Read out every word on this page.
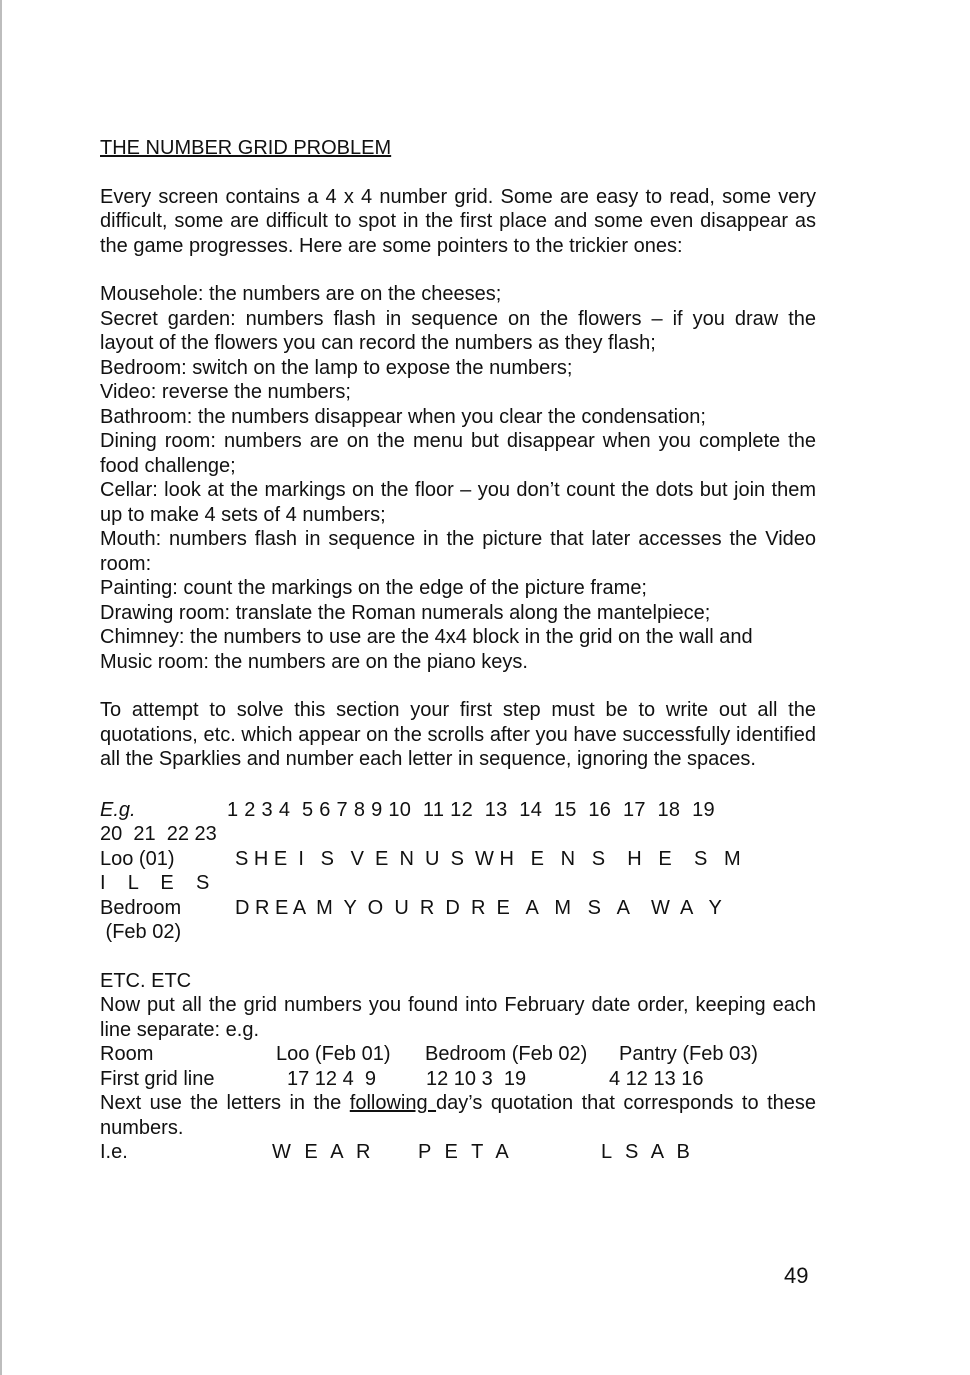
THE NUMBER GRID PROBLEM

Every screen contains a 4 x 4 number grid. Some are easy to read, some very difficult, some are difficult to spot in the first place and some even disappear as the game progresses. Here are some pointers to the trickier ones:

Mousehole: the numbers are on the cheeses;

Secret garden: numbers flash in sequence on the flowers – if you draw the layout of the flowers you can record the numbers as they flash;

Bedroom: switch on the lamp to expose the numbers;

Video: reverse the numbers;

Bathroom: the numbers disappear when you clear the condensation;

Dining room: numbers are on the menu but disappear when you complete the food challenge;

Cellar: look at the markings on the floor – you don’t count the dots but join them up to make 4 sets of 4 numbers;

Mouth: numbers flash in sequence in the picture that later accesses the Video room:

Painting: count the markings on the edge of the picture frame;

Drawing room: translate the Roman numerals along the mantelpiece;

Chimney: the numbers to use are the 4x4 block in the grid on the wall and

Music room: the numbers are on the piano keys.

To attempt to solve this section your first step must be to write out all the quotations, etc. which appear on the scrolls after you have successfully identified all the Sparklies and number each letter in sequence, ignoring the spaces.

E.g.	1 2 3 4  5 6 7 8 9 10  11 12  13  14  15  16  17  18  19
20  21  22 23
Loo (01)	S H E  I   S   V  E  N  U  S  W H   E   N   S    H   E    S   M
I    L    E    S
Bedroom	D R E A  M  Y  O  U  R  D  R  E   A   M   S   A    W  A   Y
(Feb 02)

ETC. ETC

Now put all the grid numbers you found into February date order, keeping each line separate: e.g.

Room	Loo (Feb 01)	Bedroom (Feb 02)	Pantry (Feb 03)
First grid line	17 12 4  9	12 10 3  19	4 12 13 16

Next use the letters in the following day’s quotation that corresponds to these numbers.

I.e.	W E A R	P E T A	L S A B
49
